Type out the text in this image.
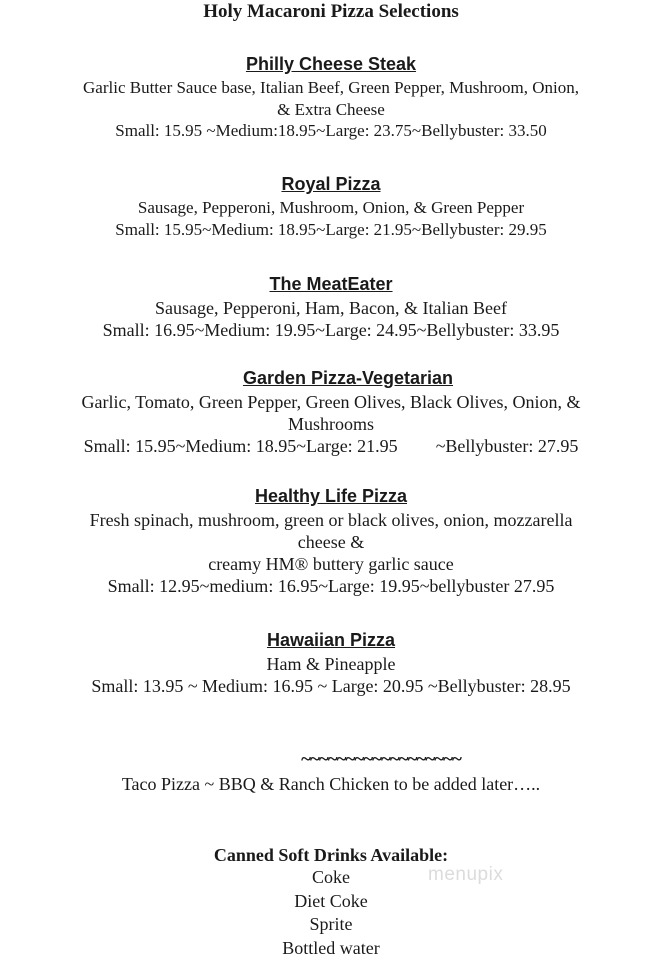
Holy Macaroni Pizza Selections
Philly Cheese Steak
Garlic Butter Sauce base, Italian Beef, Green Pepper, Mushroom, Onion,
& Extra Cheese
Small: 15.95 ~Medium:18.95~Large: 23.75~Bellybuster: 33.50
Royal Pizza
Sausage, Pepperoni, Mushroom, Onion, & Green Pepper
Small: 15.95~Medium: 18.95~Large: 21.95~Bellybuster: 29.95
The MeatEater
Sausage, Pepperoni, Ham, Bacon, & Italian Beef
Small: 16.95~Medium: 19.95~Large: 24.95~Bellybuster: 33.95
Garden Pizza-Vegetarian
Garlic, Tomato, Green Pepper, Green Olives, Black Olives, Onion, &
Mushrooms
Small: 15.95~Medium: 18.95~Large: 21.95 ~Bellybuster: 27.95
Healthy Life Pizza
Fresh spinach, mushroom, green or black olives, onion, mozzarella
cheese &
creamy HM® buttery garlic sauce
Small: 12.95~medium: 16.95~Large: 19.95~bellybuster 27.95
Hawaiian Pizza
Ham & Pineapple
Small: 13.95 ~ Medium: 16.95 ~ Large: 20.95 ~Bellybuster: 28.95
~~~~~~~~~~~~~~~~~~
Taco Pizza ~ BBQ & Ranch Chicken to be added later…..
Canned Soft Drinks Available:
Coke
Diet Coke
Sprite
Bottled water
menupix
